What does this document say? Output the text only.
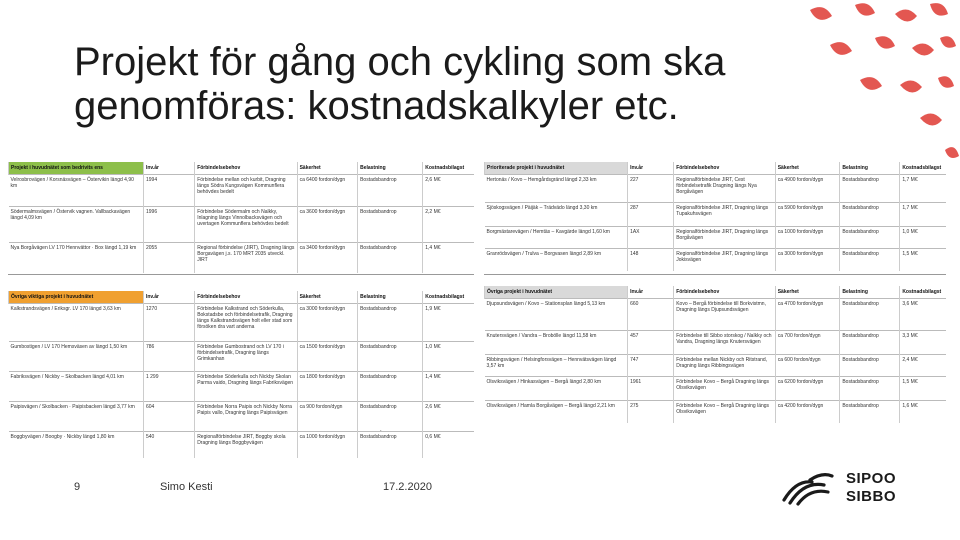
Projekt för gång och cykling som ska
genomföras: kostnadskalkyler etc.
Projekt i huvudnätet som bedrivits ens	Inv.år	Förbindelsebehov	Säkerhet	Belastning	Kostnadsbilagst
Velrosbrovägen / Korsnäsvägen – Östervikin längd 4,90 km	1994	Förbindelse mellan och kurbit, Dragning längs Södra Kungsvägen Kommunflera behövdes bedelt	ca 6400 fordon/dygn	Bostadsbandrop	2,6 M€
Södermalmsvägen / Östervik vagnen. Vallbackavägen längd 4,09 km	1996	Förbindelse Södermalm och Nalkky, Inlagning längs Vinnolbacksvägen och uvertagen Kommunflera behövdes bedelt	ca 3600 fordon/dygn	Bostadsbandrop	2,2 M€
Nya Borgåvägen LV 170 Hennvättor · Box längd 1,19 km	2055	Regional förbindelse (JIRT), Dragning längs Borgavägen j.s. 170 MRT 2035 utveckl. JIRT	ca 3400 fordon/dygn	Bostadsbandrop	1,4 M€
Prioriterade projekt i huvudnätet	Inv.år	Förbindelsebehov	Säkerhet	Belastning	Kostnadsbilagst
Hertonäs / Kovo – Hemgårdsgränd längd 2,33 km	227	Regionalförbindelse JIRT, Cest förbindelsetrafik Dragning längs Nya Borgåvägen	ca 4900 fordon/dygn	Bostadsbandrop	1,7 M€
Sjöskogsvägen / Päijäk – Trädvädo längd 3,30 km	287	Regionalförbindelse JIRT, Dragning längs Tupakuhsvägen	ca 5900 fordon/dygn	Bostadsbandrop	1,7 M€
Borgmästarevägen / Hemtäs – Kavgärde längd 1,60 km	1AX	Regionalförbindelse JIRT, Dragning längs Borgåvägen	ca 1000 fordon/dygn	Bostadsbandrop	1,0 M€
Granrödsvägen / Trulva – Borgvasen längd 2,89 km	148	Regionalförbindelse JIRT, Dragning längs Jokisvägen	ca 3000 fordon/dygn	Bostadsbandrop	1,5 M€
Övriga viktiga projekt i huvudnätet	Inv.år	Förbindelsebehov	Säkerhet	Belastning	Kostnadsbilagst
Kalkstrandsvägen / Eriksgr. LV 170 längd 3,63 km	1270	Förbindelse Kalkstrand och Söderkulla, Bokstadsbe och förbindelsetrafik, Dragning längs Kalkstrandsvägen holt eller stad som försöken dra vart anderna	ca 3000 fordon/dygn	Bostadsbandrop	1,9 M€
Gumbostigen / LV 170 Hemsväsen av längd 1,50 km	786	Förbindelse Gumbostrand och LV 170 i förbindelsetrafik, Dragning längs Grimkanhan	ca 1500 fordon/dygn	Bostadsbandrop	1,0 M€
Fabriksvägen / Nickby – Skolbacken längd 4,01 km	1 299	Förbindelse Söderkulla och Nickby Skolan Parma vaido, Dragning längs Fabriksvägen	ca 1800 fordon/dygn	Bostadsbandrop	1,4 M€
Paipisvägen / Skolbacken · Paipisbacken längd 3,77 km	604	Förbindelse Norra Paipis och Nickby Norra Paipis vallo, Dragning längs Paipisvägen	ca 900 fordon/dygn	Bostadsbandrop	2,6 M€
Boggbyvägen / Boogby · Nickby längd 1,80 km	540	Regionalförbindelse JIRT, Boggby skola Dragning längs Boggbyvägen	ca 1000 fordon/dygn	Bostadsbandrop	0,6 M€
Övriga projekt i huvudnätet	Inv.år	Förbindelsebehov	Säkerhet	Belastning	Kostnadsbilagst
Djupsundsvägen / Kovo – Stationsplan längd 5,13 km	660	Kovo – Bergå förbindelse till Borkvistmn, Dragning längs Djupsundsvägen	ca 4700 fordon/dygn	Bostadsbandrop	3,6 M€
Knutersvägen / Vandra – Brobölle längd 11,58 km	457	Förbindelse till Sibbo storskog / Nalkky och Vandra, Dragning längs Knutersvägen	ca 700 fordon/dygn	Bostadsbandrop	3,3 M€
Ribbingsvägen / Helsingforsvägen – Hennvätsvägen längd 3,57 km	747	Förbindelse mellan Nickby och Ritstrand, Dragning längs Ribbingsvägen	ca 600 fordon/dygn	Bostadsbandrop	2,4 M€
Olsviksvägen / Hinkasvägen – Bergå längd 2,80 km	1961	Förbindelse Kovo – Bergå Dragning längs Olsviksvägen	ca 6200 fordon/dygn	Bostadsbandrop	1,5 M€
Olsviksvägen / Hamla Borgåvägen – Bergå längd 2,21 km	275	Förbindelse Kovo – Bergå Dragning längs Olsviksvägen	ca 4200 fordon/dygn	Bostadsbandrop	1,6 M€
.
9	Simo Kesti	17.2.2020	SIPOO
SIBBO
